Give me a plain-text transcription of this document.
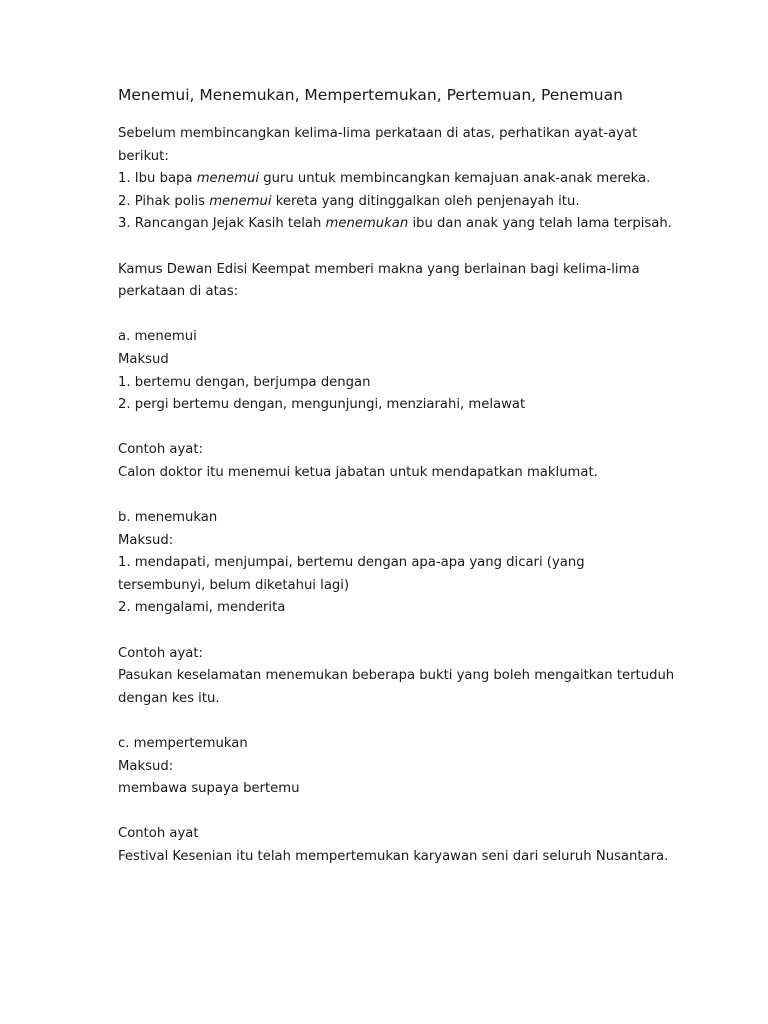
Menemui, Menemukan, Mempertemukan, Pertemuan, Penemuan
Sebelum membincangkan kelima-lima perkataan di atas, perhatikan ayat-ayat
berikut:
1. Ibu bapa menemui guru untuk membincangkan kemajuan anak-anak mereka.
2. Pihak polis menemui kereta yang ditinggalkan oleh penjenayah itu.
3. Rancangan Jejak Kasih telah menemukan ibu dan anak yang telah lama terpisah.
Kamus Dewan Edisi Keempat memberi makna yang berlainan bagi kelima-lima
perkataan di atas:
a. menemui
Maksud
1. bertemu dengan, berjumpa dengan
2. pergi bertemu dengan, mengunjungi, menziarahi, melawat
Contoh ayat:
Calon doktor itu menemui ketua jabatan untuk mendapatkan maklumat.
b. menemukan
Maksud:
1. mendapati, menjumpai, bertemu dengan apa-apa yang dicari (yang
tersembunyi, belum diketahui lagi)
2. mengalami, menderita
Contoh ayat:
Pasukan keselamatan menemukan beberapa bukti yang boleh mengaitkan tertuduh
dengan kes itu.
c. mempertemukan
Maksud:
membawa supaya bertemu
Contoh ayat
Festival Kesenian itu telah mempertemukan karyawan seni dari seluruh Nusantara.
